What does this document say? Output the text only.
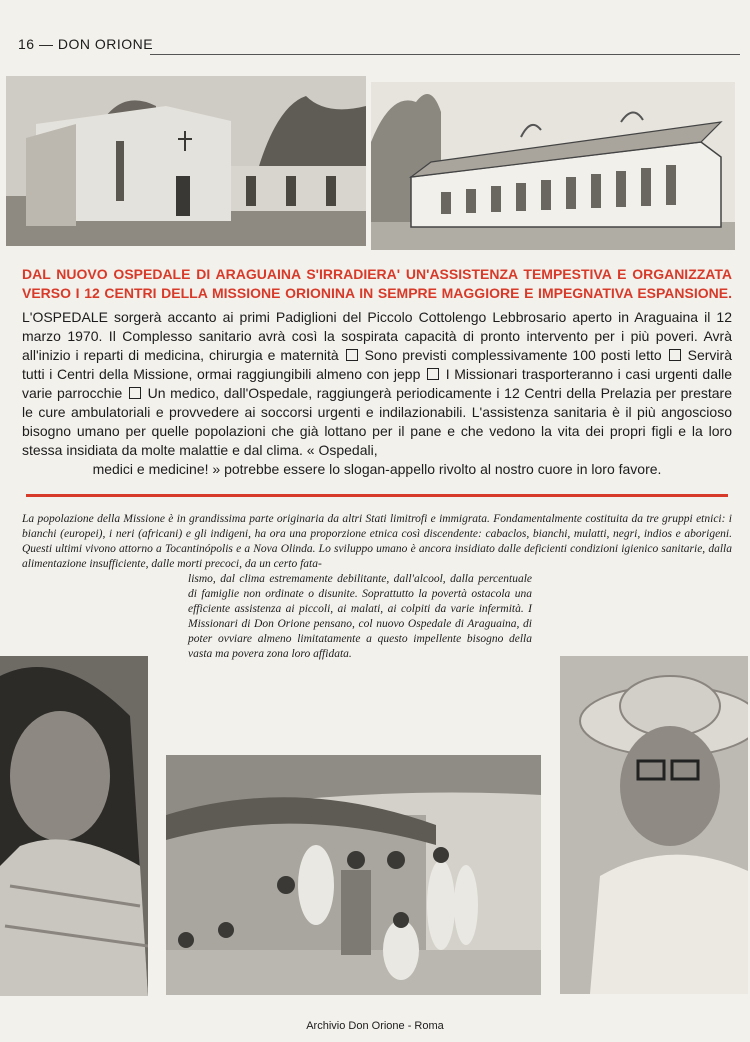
16 — DON ORIONE
DAL NUOVO OSPEDALE DI ARAGUAINA S'IRRADIERA' UN'ASSISTENZA TEMPESTIVA E ORGANIZZATA
VERSO I 12 CENTRI DELLA MISSIONE ORIONINA IN SEMPRE MAGGIORE E IMPEGNATIVA ESPANSIONE.
L'OSPEDALE sorgerà accanto ai primi Padiglioni del Piccolo Cottolengo Lebbrosario aperto in Araguaina il 12 marzo 1970. Il Complesso sanitario avrà così la sospirata capacità di pronto intervento per i più poveri. Avrà all'inizio i reparti di medicina, chirurgia e maternità Sono previsti complessivamente 100 posti letto Servirà tutti i Centri della Missione, ormai raggiungibili almeno con jepp I Missionari trasporteranno i casi urgenti dalle varie parrocchie Un medico, dall'Ospedale, raggiungerà periodicamente i 12 Centri della Prelazia per prestare le cure ambulatoriali e provvedere ai soccorsi urgenti e indilazionabili. L'assistenza sanitaria è il più angoscioso bisogno umano per quelle popolazioni che già lottano per il pane e che vedono la vita dei propri figli e la loro stessa insidiata da molte malattie e dal clima. « Ospedali,
medici e medicine! » potrebbe essere lo slogan-appello rivolto al nostro cuore in loro favore.
La popolazione della Missione è in grandissima parte originaria da altri Stati limitrofi e immigrata. Fondamentalmente costituita da tre gruppi etnici: i bianchi (europei), i neri (africani) e gli indigeni, ha ora una proporzione etnica così discendente: cabaclos, bianchi, mulatti, negri, indios e aborigeni. Questi ultimi vivono attorno a Tocantinópolis e a Nova Olinda. Lo sviluppo umano è ancora insidiato dalle deficienti condizioni igienico sanitarie, dalla alimentazione insufficiente, dalle morti precoci, da un certo fata-
lismo, dal clima estremamente debilitante, dall'alcool, dalla percentuale di famiglie non ordinate o disunite. Soprattutto la povertà ostacola una efficiente assistenza ai piccoli, ai malati, ai colpiti da varie infermità. I Missionari di Don Orione pensano, col nuovo Ospedale di Araguaina, di poter ovviare almeno limitatamente a questo impellente bisogno della vasta ma povera zona loro affidata.
Archivio Don Orione - Roma
